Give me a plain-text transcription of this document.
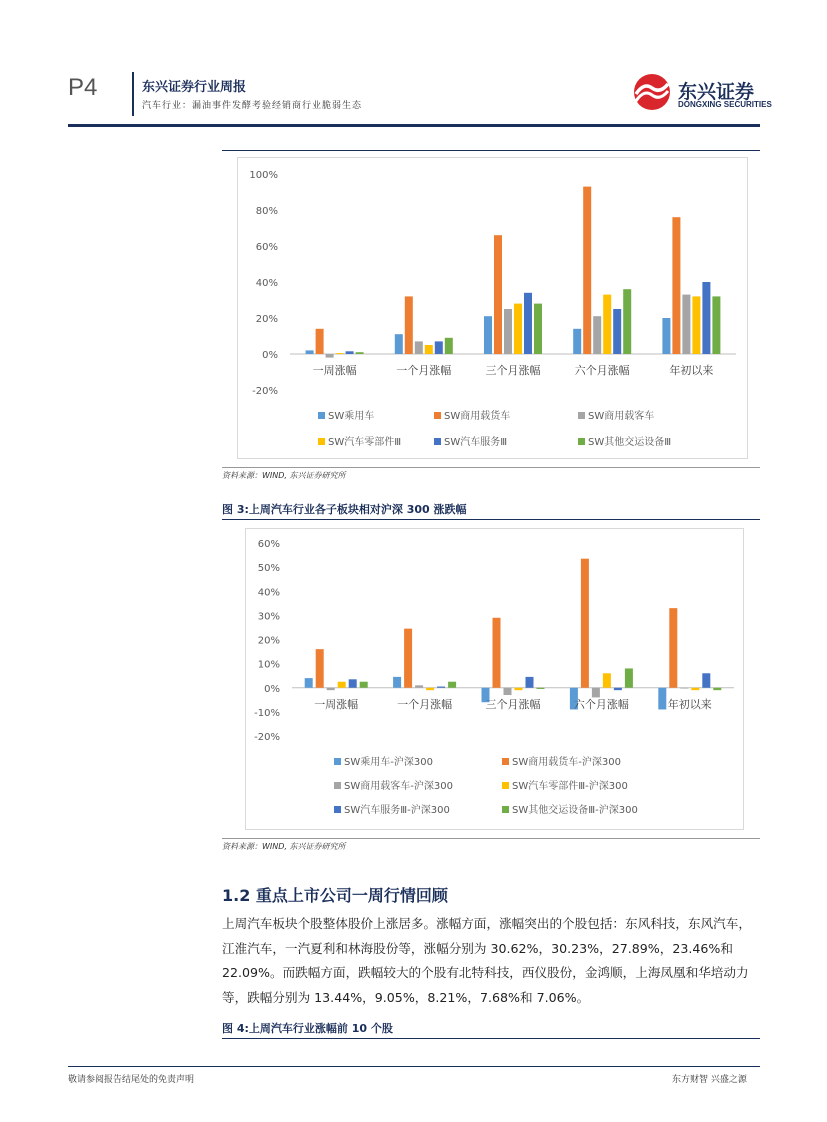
P4	东兴证券行业周报
汽车行业：漏油事件发酵考验经销商行业脆弱生态
东兴证券
DONGXING SECURITIES
100%
80%
60%
40%
20%
0%
-20%
一周涨幅	一个月涨幅	三个月涨幅	六个月涨幅	年初以来
SW乘用车	SW商用载货车	SW商用载客车
SW汽车零部件Ⅲ	SW汽车服务Ⅲ	SW其他交运设备Ⅲ
资料来源：WIND, 东兴证券研究所
图 3:上周汽车行业各子板块相对沪深 300 涨跌幅
60%
50%
40%
30%
20%
10%
0%
-10%
-20%
一周涨幅	一个月涨幅	三个月涨幅	六个月涨幅	年初以来
SW乘用车-沪深300	SW商用载货车-沪深300
SW商用载客车-沪深300	SW汽车零部件Ⅲ-沪深300
SW汽车服务Ⅲ-沪深300	SW其他交运设备Ⅲ-沪深300
资料来源：WIND, 东兴证券研究所
1.2 重点上市公司一周行情回顾
上周汽车板块个股整体股价上涨居多。涨幅方面，涨幅突出的个股包括：东风科技，东风汽车，江淮汽车，一汽夏利和林海股份等，涨幅分别为 30.62%，30.23%，27.89%，23.46%和 22.09%。而跌幅方面，跌幅较大的个股有北特科技，西仪股份，金鸿顺，上海凤凰和华培动力等，跌幅分别为 13.44%，9.05%，8.21%，7.68%和 7.06%。
图 4:上周汽车行业涨幅前 10 个股
敬请参阅报告结尾处的免责声明	东方财智 兴盛之源
